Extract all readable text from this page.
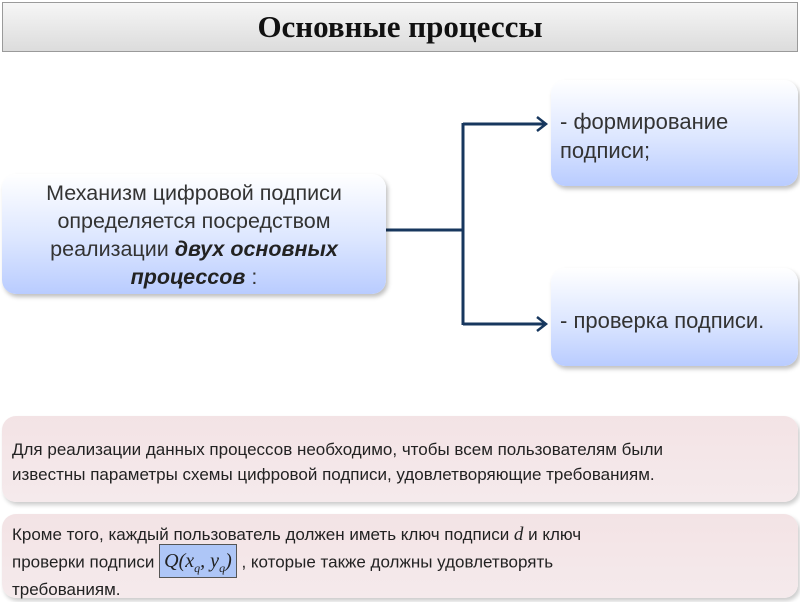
Основные процессы
Механизм цифровой подписи
определяется посредством
реализации двух основных
процессов :
- формирование
подписи;
- проверка подписи.
Для реализации данных процессов необходимо, чтобы всем пользователям были
известны параметры схемы цифровой подписи, удовлетворяющие требованиям.
Кроме того, каждый пользователь должен иметь ключ подписи d и ключ
проверки подписи $Q(x_q$, $y_q$) , которые также должны удовлетворять
требованиям.
